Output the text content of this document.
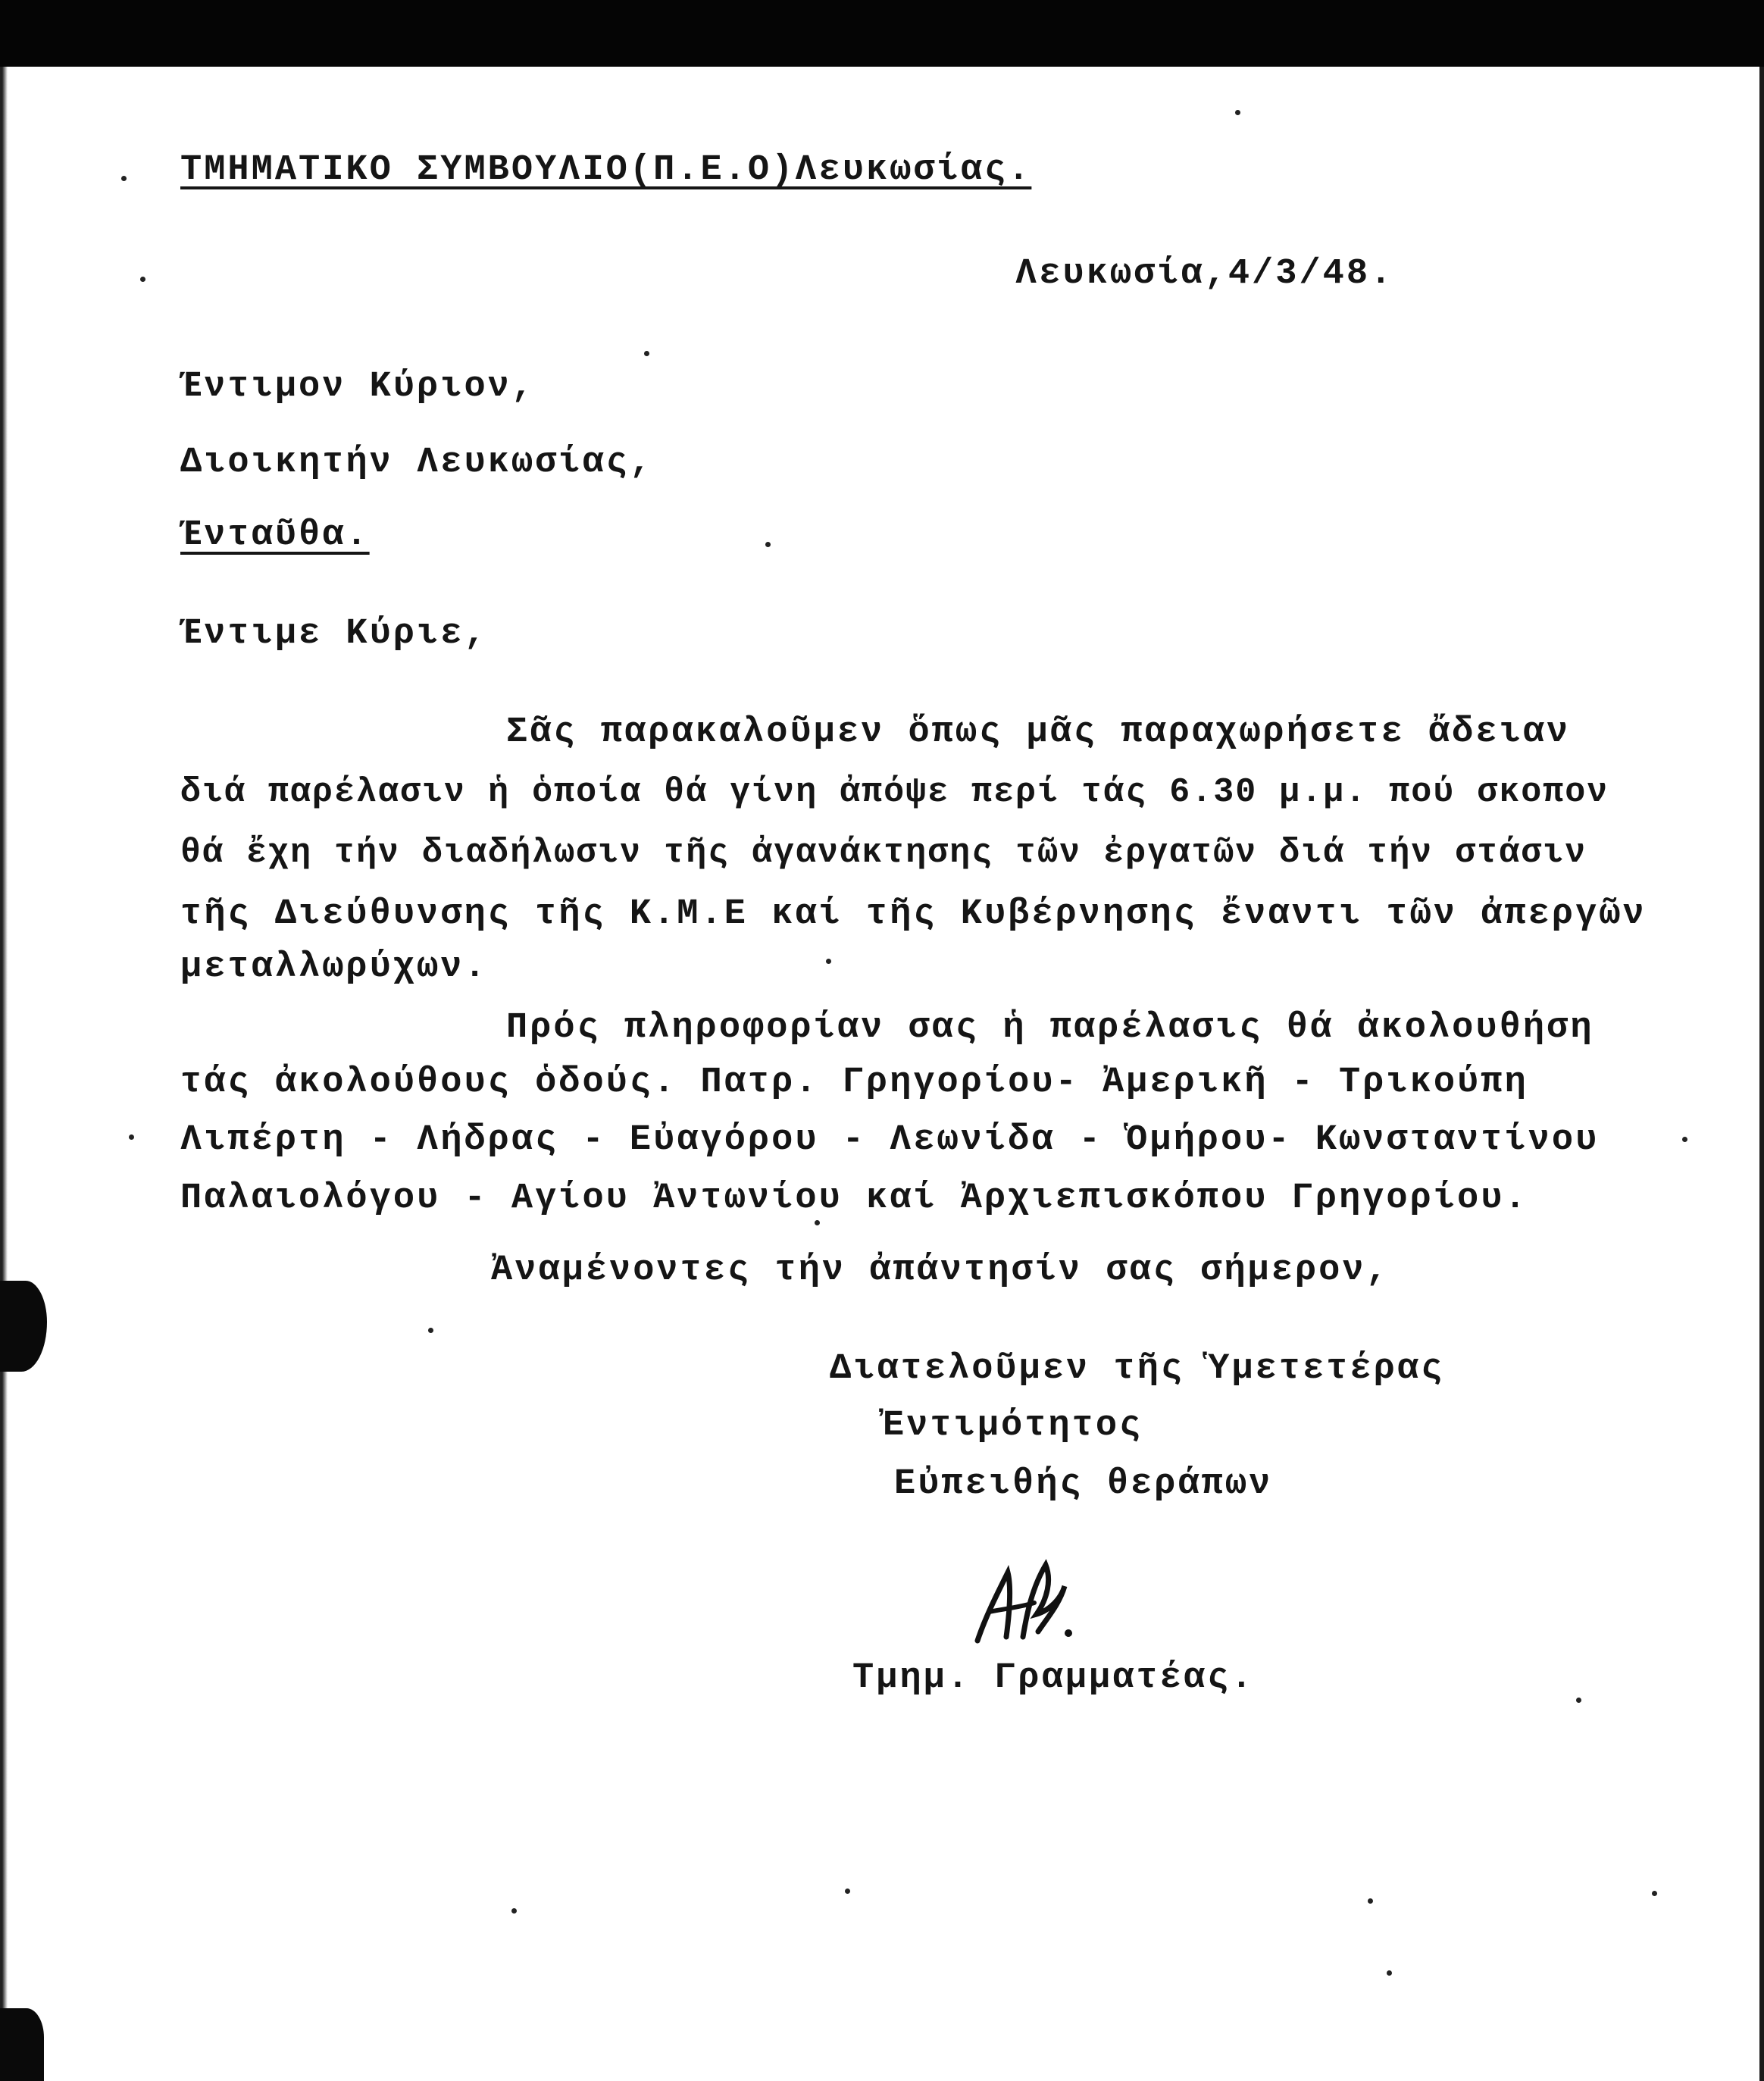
ΤΜΗΜΑΤΙΚΟ ΣΥΜΒΟΥΛΙΟ(Π.Ε.Ο)Λευκωσίας.
Λευκωσία,4/3/48.
Έντιμον Κύριον,
Διοικητήν Λευκωσίας,
Ένταῦθα.
Έντιμε Κύριε,
Σᾶς παρακαλοῦμεν ὅπως μᾶς παραχωρήσετε ἄδειαν
διά παρέλασιν ἡ ὁποία θά γίνη ἀπόψε περί τάς 6.30 μ.μ. πού σκοπον
θά ἔχη τήν διαδήλωσιν τῆς ἀγανάκτησης τῶν ἐργατῶν διά τήν στάσιν
τῆς Διεύθυνσης τῆς Κ.Μ.Ε καί τῆς Κυβέρνησης ἔναντι τῶν ἀπεργῶν
μεταλλωρύχων.
Πρός πληροφορίαν σας ἡ παρέλασις θά ἀκολουθήση
τάς ἀκολούθους ὁδούς. Πατρ. Γρηγορίου- Ἀμερικῆ - Τρικούπη
Λιπέρτη - Λήδρας - Εὐαγόρου - Λεωνίδα - Ὁμήρου- Κωνσταντίνου
Παλαιολόγου - Αγίου Ἀντωνίου καί Ἀρχιεπισκόπου Γρηγορίου.
Ἀναμένοντες τήν ἀπάντησίν σας σήμερον,
Διατελοῦμεν τῆς Ὑμετετέρας
Ἐντιμότητος
Εὐπειθής θεράπων
Τμημ. Γραμματέας.
